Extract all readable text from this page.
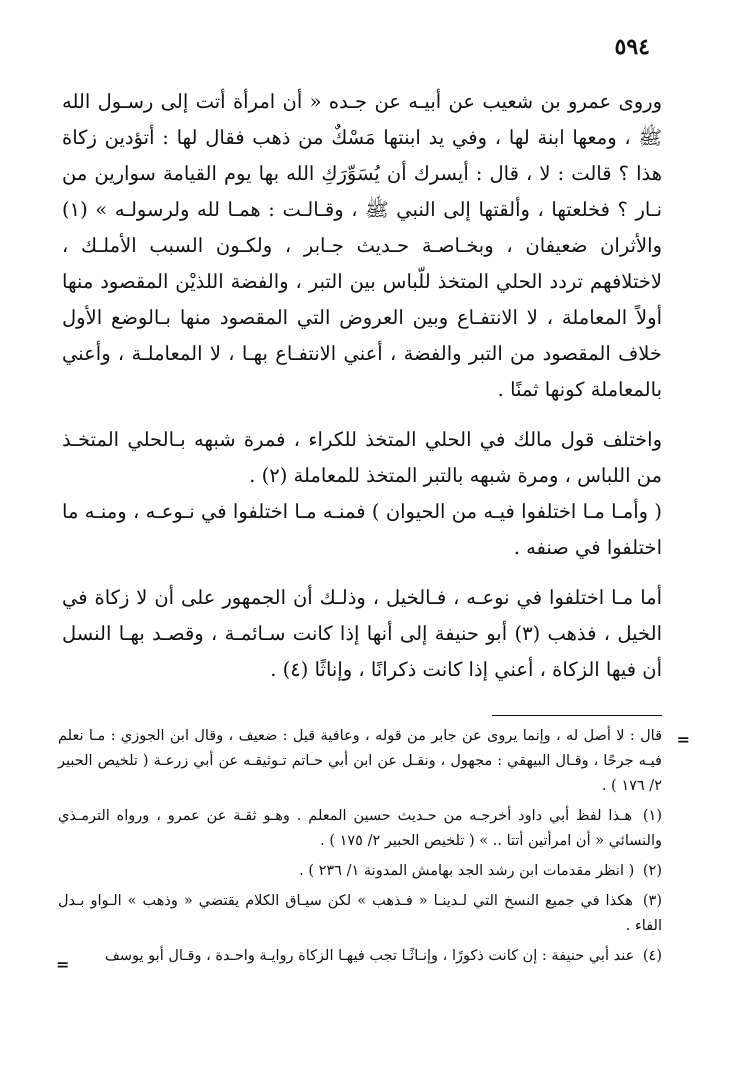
٥٩٤

وروى عمرو بن شعيب عن أبيـه عن جـده « أن امرأة أتت إلى رسـول الله ﷺ ، ومعها ابنة لها ، وفي يد ابنتها مَسْكٌ من ذهب فقال لها : أتؤدين زكاة هذا ؟ قالت : لا ، قال : أيسرك أن يُسَوِّرَكِ الله بها يوم القيامة سوارين من نـار ؟ فخلعتها ، وألقتها إلى النبي ﷺ ، وقـالـت : همـا لله ولرسولـه » (١) والأثران ضعيفان ، وبخـاصـة حـديث جـابر ، ولكـون السبب الأملـك ، لاختلافهم تردد الحلي المتخذ للّباس بين التبر ، والفضة اللذيْن المقصود منها أولاً المعاملة ، لا الانتفـاع وبين العروض التي المقصود منها بـالوضع الأول خلاف المقصود من التبر والفضة ، أعني الانتفـاع بهـا ، لا المعاملـة ، وأعني بالمعاملة كونها ثمنًا .

واختلف قول مالك في الحلي المتخذ للكراء ، فمرة شبهه بـالحلي المتخـذ من اللباس ، ومرة شبهه بالتبر المتخذ للمعاملة (٢) .

( وأمـا مـا اختلفوا فيـه من الحيوان ) فمنـه مـا اختلفوا في نـوعـه ، ومنـه ما اختلفوا في صنفه .

أما مـا اختلفوا في نوعـه ، فـالخيل ، وذلـك أن الجمهور على أن لا زكاة في الخيل ، فذهب (٣) أبو حنيفة إلى أنها إذا كانت سـائمـة ، وقصـد بهـا النسل أن فيها الزكاة ، أعني إذا كانت ذكرانًا ، وإناثًا (٤) .

=

قال : لا أصل له ، وإنما يروى عن جابر من قوله ، وعافية قيل : ضعيف ، وقال ابن الجوزي : مـا نعلم فيـه جرحًا ، وقـال البيهقي : مجهول ، ونقـل عن ابن أبي حـاتم تـوثيقـه عن أبي زرعـة ( تلخيص الحبير ٢/ ١٧٦ ) .

(١) هـذا لفظ أبي داود أخرجـه من حـديث حسين المعلم . وهـو ثقـة عن عمرو ، ورواه الترمـذي والنسائي « أن امرأتين أتتا .. » ( تلخيص الحبير ٢/ ١٧٥ ) .

(٢) ( انظر مقدمات ابن رشد الجد بهامش المدونة ١/ ٢٣٦ ) .

(٣) هكذا في جميع النسخ التي لـدينـا « فـذهب » لكن سيـاق الكلام يقتضي « وذهب » الـواو بـدل الفاء .

(٤) عند أبي حنيفة : إن كانت ذكورًا ، وإنـاثًـا تجب فيهـا الزكاة روايـة واحـدة ، وقـال أبو يوسف

=
